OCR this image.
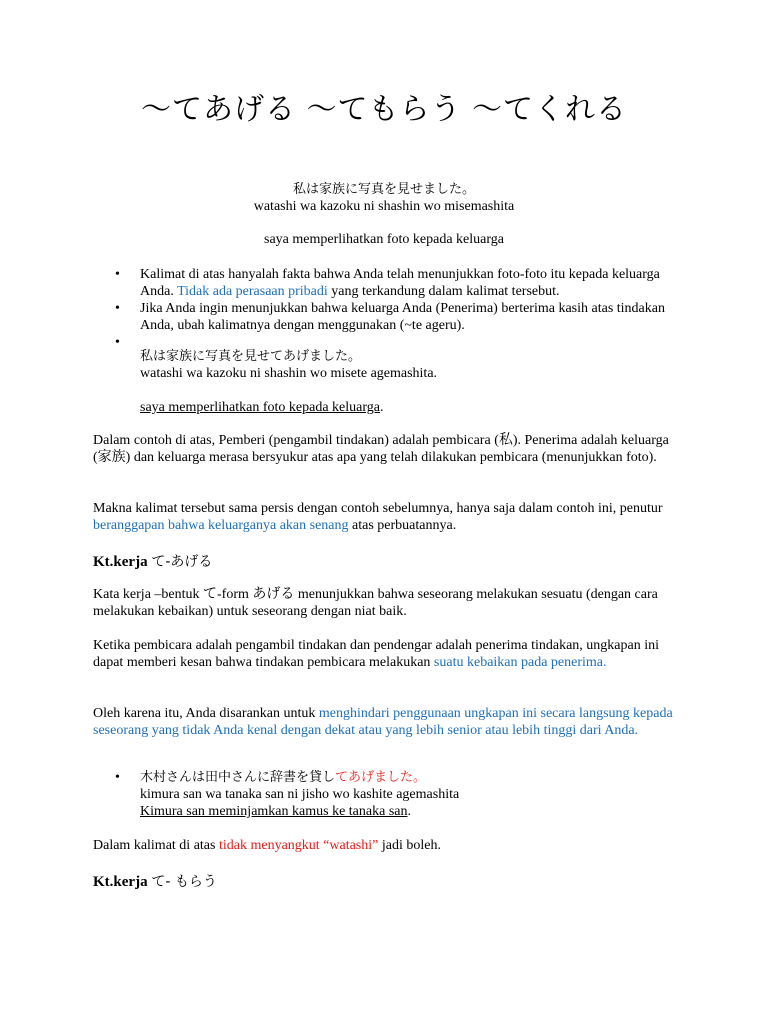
〜てあげる 〜てもらう 〜てくれる
私は家族に写真を見せました。
watashi wa kazoku ni shashin wo misemashita
saya memperlihatkan foto kepada keluarga
• Kalimat di atas hanyalah fakta bahwa Anda telah menunjukkan foto-foto itu kepada keluarga Anda. Tidak ada perasaan pribadi yang terkandung dalam kalimat tersebut.
• Jika Anda ingin menunjukkan bahwa keluarga Anda (Penerima) berterima kasih atas tindakan Anda, ubah kalimatnya dengan menggunakan (~te ageru).
• 私は家族に写真を見せてあげました。
watashi wa kazoku ni shashin wo misete agemashita.
saya memperlihatkan foto kepada keluarga.
Dalam contoh di atas, Pemberi (pengambil tindakan) adalah pembicara (私). Penerima adalah keluarga (家族) dan keluarga merasa bersyukur atas apa yang telah dilakukan pembicara (menunjukkan foto).
Makna kalimat tersebut sama persis dengan contoh sebelumnya, hanya saja dalam contoh ini, penutur beranggapan bahwa keluarganya akan senang atas perbuatannya.
Kt.kerja て-あげる
Kata kerja –bentuk て-form あげる menunjukkan bahwa seseorang melakukan sesuatu (dengan cara melakukan kebaikan) untuk seseorang dengan niat baik.
Ketika pembicara adalah pengambil tindakan dan pendengar adalah penerima tindakan, ungkapan ini dapat memberi kesan bahwa tindakan pembicara melakukan suatu kebaikan pada penerima.
Oleh karena itu, Anda disarankan untuk menghindari penggunaan ungkapan ini secara langsung kepada seseorang yang tidak Anda kenal dengan dekat atau yang lebih senior atau lebih tinggi dari Anda.
• 木村さんは田中さんに辞書を貸してあげました。
kimura san wa tanaka san ni jisho wo kashite agemashita
Kimura san meminjamkan kamus ke tanaka san.
Dalam kalimat di atas tidak menyangkut “watashi” jadi boleh.
Kt.kerja て- もらう
